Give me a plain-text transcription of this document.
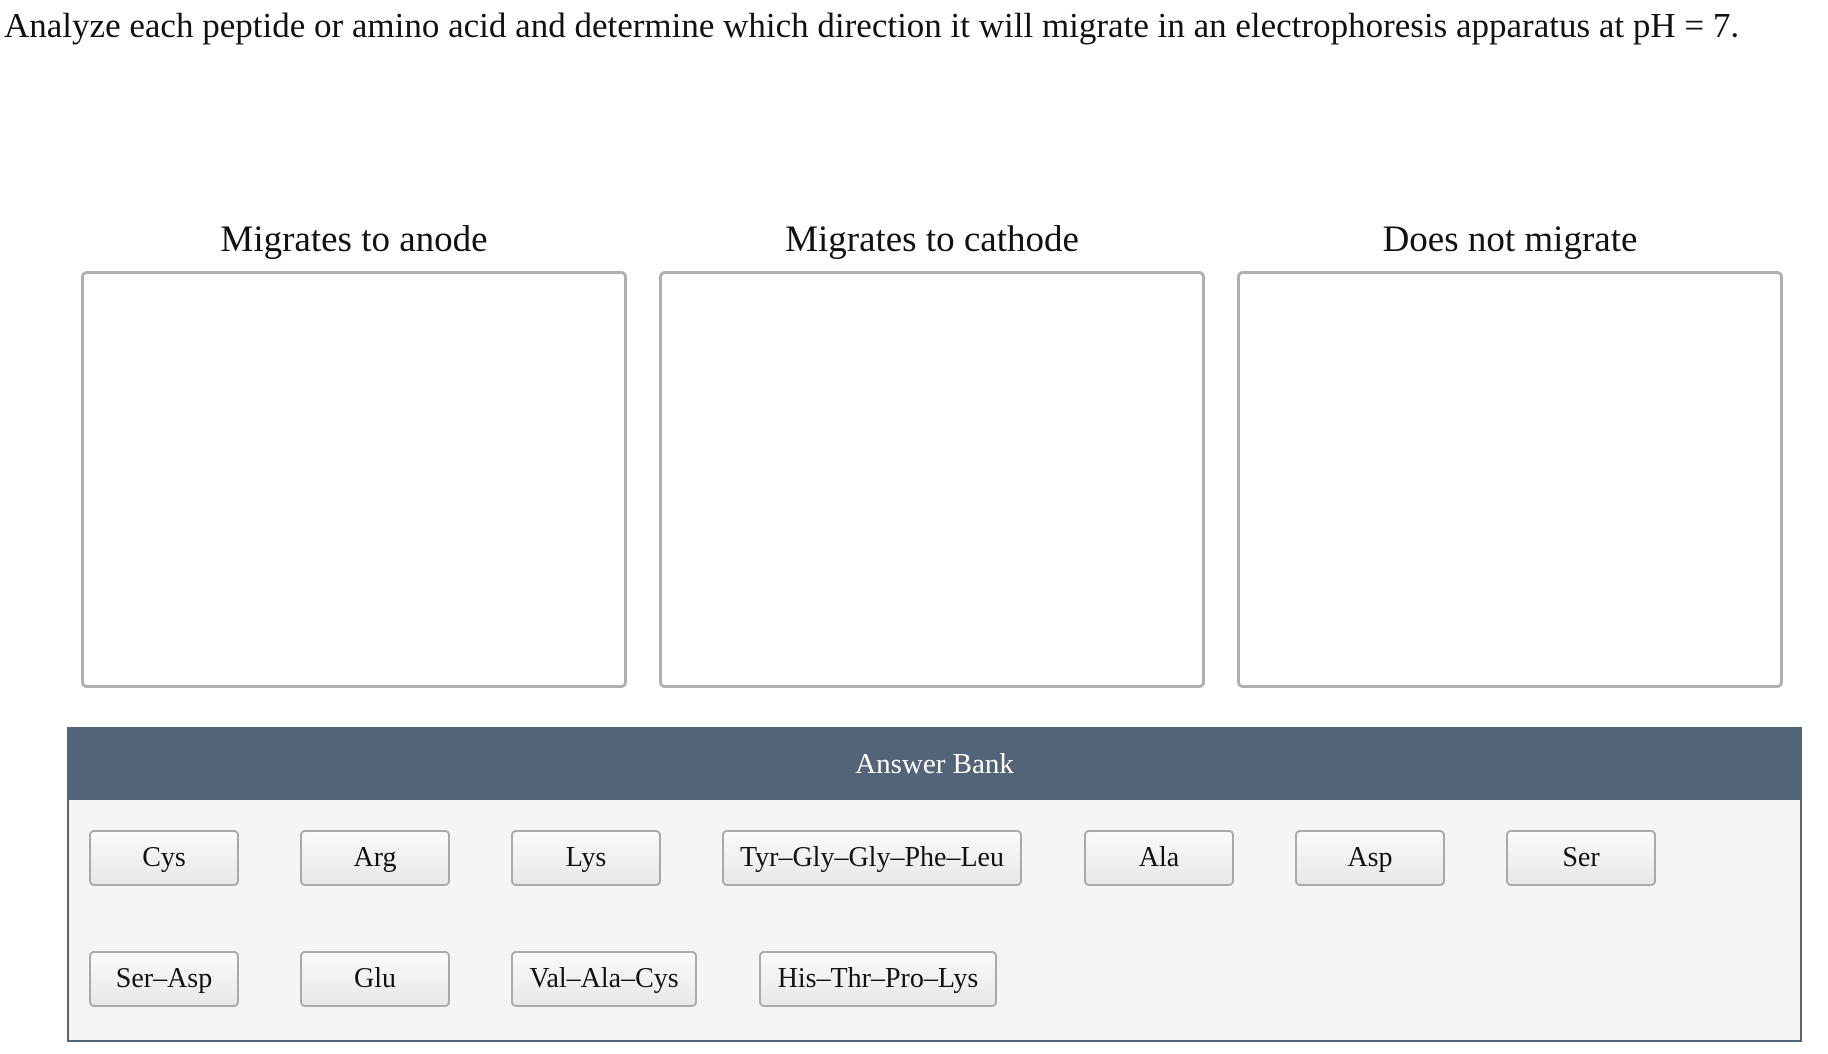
Analyze each peptide or amino acid and determine which direction it will migrate in an electrophoresis apparatus at pH = 7.
Migrates to anode	Migrates to cathode	Does not migrate
Answer Bank
Cys	Arg	Lys	Tyr–Gly–Gly–Phe–Leu	Ala	Asp	Ser
Ser–Asp	Glu	Val–Ala–Cys	His–Thr–Pro–Lys
